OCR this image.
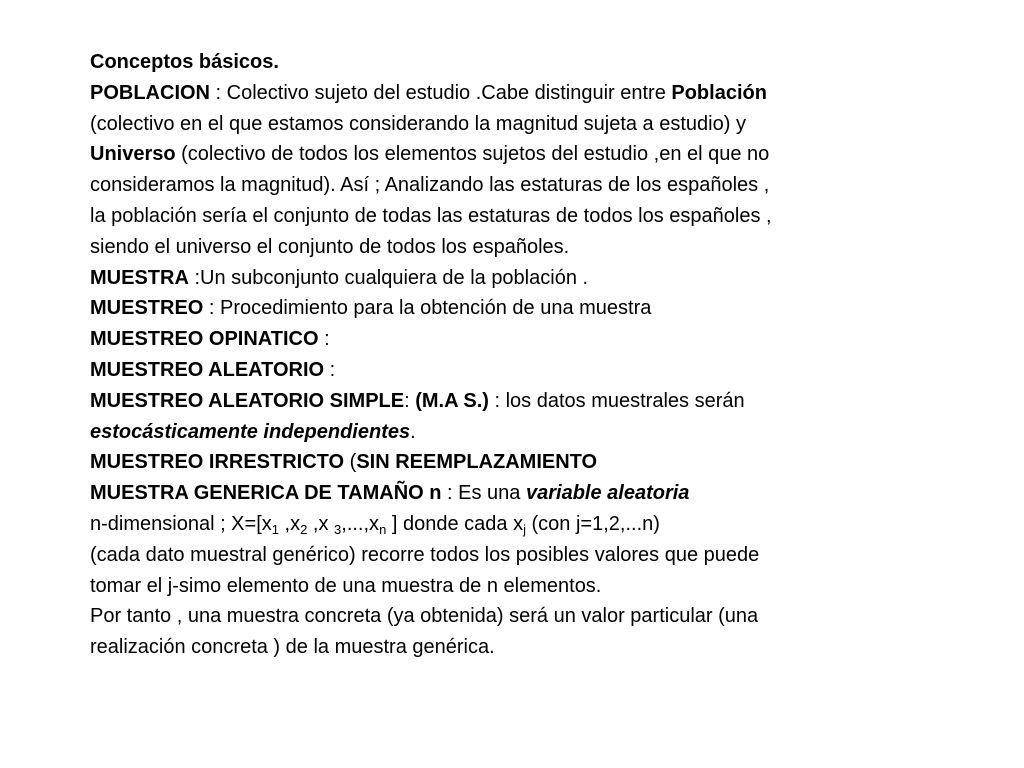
Conceptos básicos.
POBLACION : Colectivo sujeto del estudio .Cabe distinguir entre Población
(colectivo en el que estamos considerando la magnitud sujeta a estudio) y
Universo (colectivo de todos los elementos sujetos del estudio ,en el que no
consideramos la magnitud). Así ; Analizando las estaturas de los españoles ,
la población sería el conjunto de todas las estaturas de todos los españoles ,
siendo el universo el conjunto de todos los españoles.
MUESTRA :Un subconjunto cualquiera de la población .
MUESTREO : Procedimiento para la obtención de una muestra
MUESTREO OPINATICO :
MUESTREO ALEATORIO :
MUESTREO ALEATORIO SIMPLE: (M.A S.) : los datos muestrales serán
estocásticamente independientes.
MUESTREO IRRESTRICTO (SIN REEMPLAZAMIENTO
MUESTRA GENERICA DE TAMAÑO n : Es una variable aleatoria
n-dimensional ; $X=[x_1$ $,x_2$ ,x $_3,...,x_n$ ] donde cada $x_j$ (con j=1,2,...n)
(cada dato muestral genérico) recorre todos los posibles valores que puede
tomar el j-simo elemento de una muestra de n elementos.
Por tanto , una muestra concreta (ya obtenida) será un valor particular (una
realización concreta ) de la muestra genérica.
